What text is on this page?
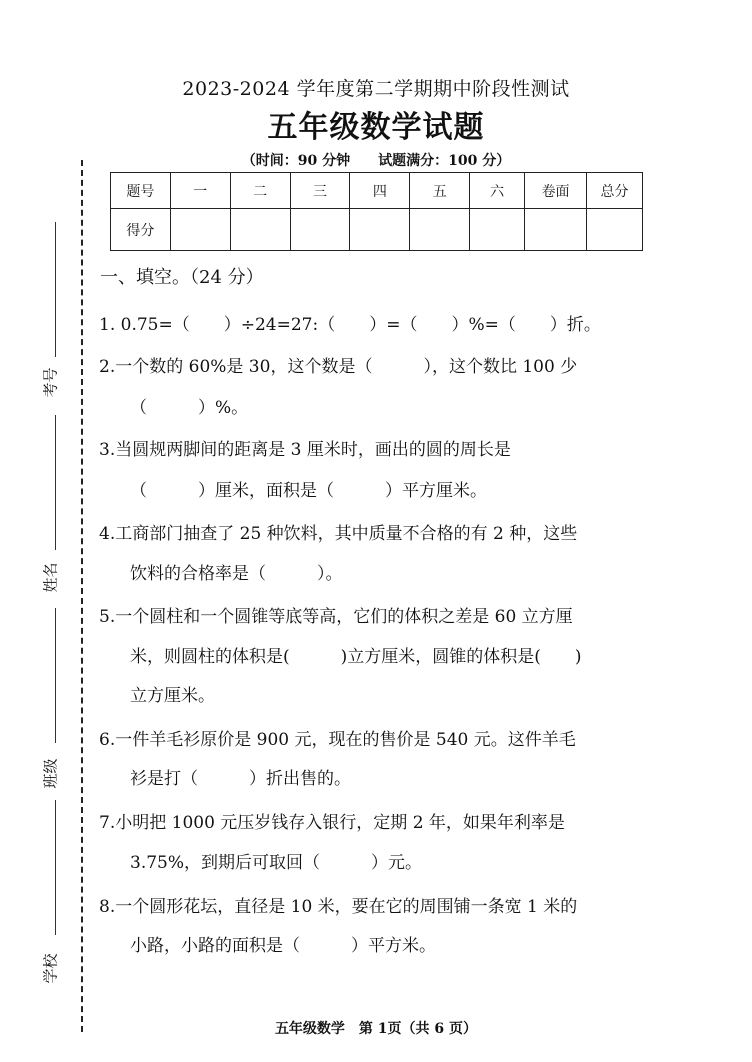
考号
姓名
班级
学校
2023-2024 学年度第二学期期中阶段性测试
五年级数学试题
（时间：90 分钟　　试题满分：100 分）
题号	一	二	三	四	五	六	卷面	总分
得分								
一、填空。（24 分）
1. 0.75=（　　）÷24=27:（　　）=（　　）%=（　　）折。
2.一个数的 60%是 30，这个数是（　　　），这个数比 100 少
（　　　）%。
3.当圆规两脚间的距离是 3 厘米时，画出的圆的周长是
（　　　）厘米，面积是（　　　）平方厘米。
4.工商部门抽查了 25 种饮料，其中质量不合格的有 2 种，这些
饮料的合格率是（　　　）。
5.一个圆柱和一个圆锥等底等高，它们的体积之差是 60 立方厘
米，则圆柱的体积是(　　　)立方厘米，圆锥的体积是(　　)
立方厘米。
6.一件羊毛衫原价是 900 元，现在的售价是 540 元。这件羊毛
衫是打（　　　）折出售的。
7.小明把 1000 元压岁钱存入银行，定期 2 年，如果年利率是
3.75%，到期后可取回（　　　）元。
8.一个圆形花坛，直径是 10 米，要在它的周围铺一条宽 1 米的
小路，小路的面积是（　　　）平方米。
五年级数学　第 1页（共 6 页）
